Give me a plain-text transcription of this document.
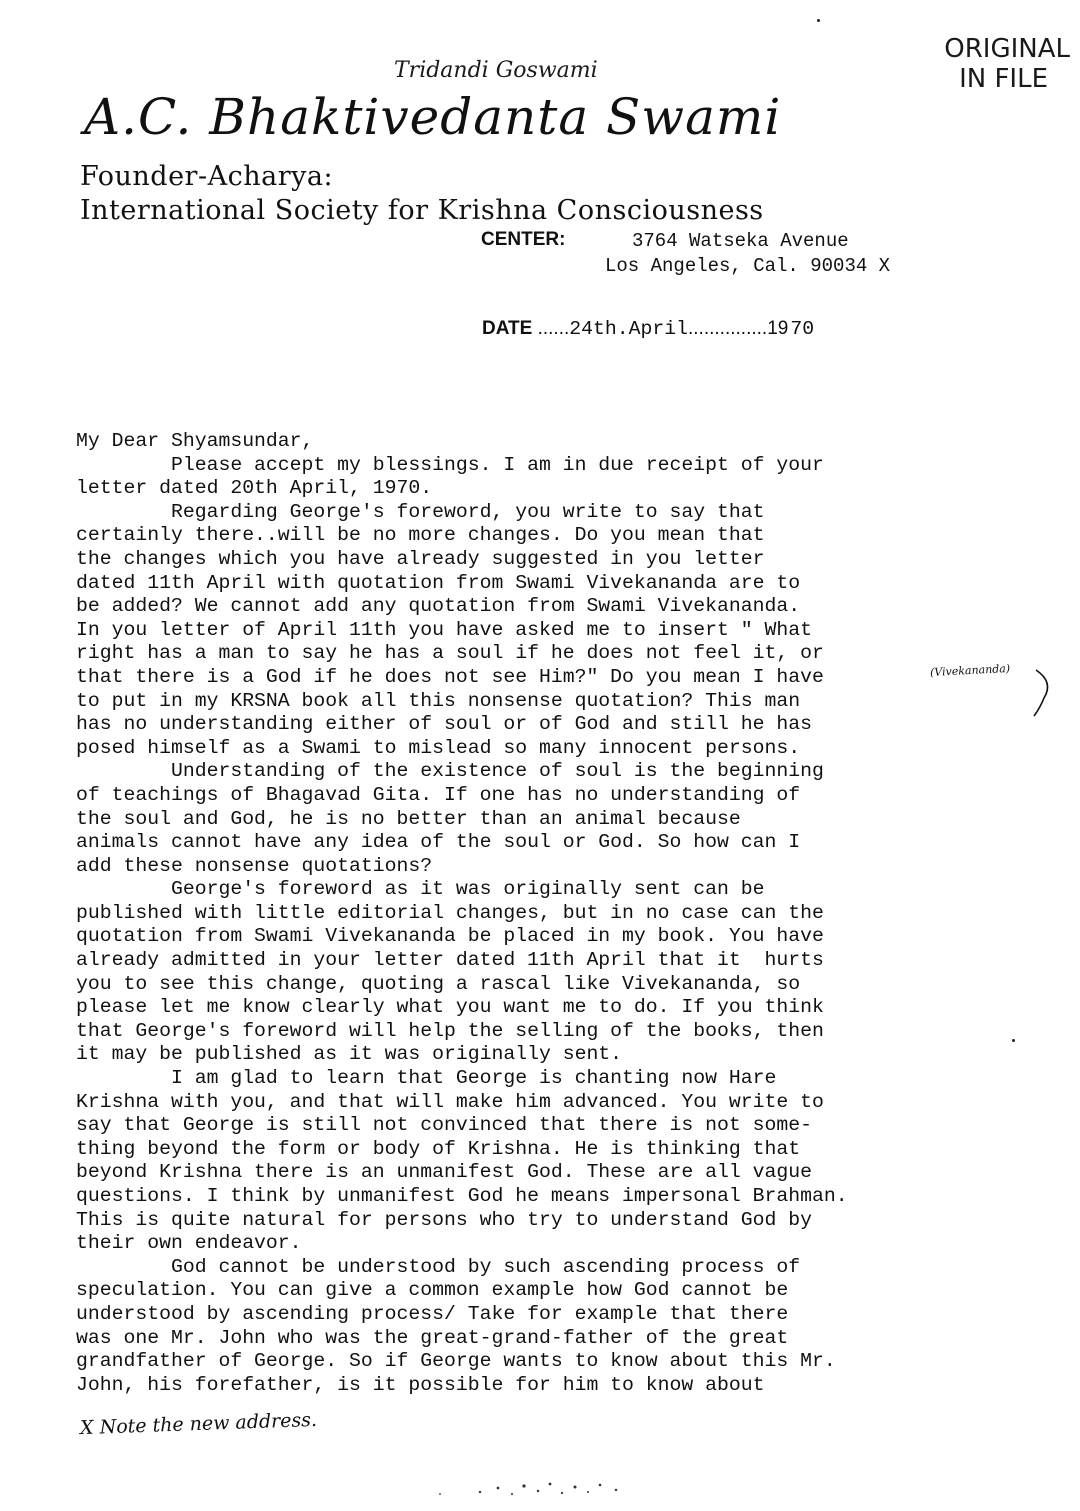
ORIGINAL
IN FILE
Tridandi Goswami
A.C. Bhaktivedanta Swami
Founder-Acharya:
International Society for Krishna Consciousness
CENTER:	3764 Watseka Avenue
Los Angeles, Cal. 90034 X
DATE ......24th.April...............19 70
My Dear Shyamsundar,
Please accept my blessings. I am in due receipt of your
letter dated 20th April, 1970.
Regarding George's foreword, you write to say that
certainly there..will be no more changes. Do you mean that
the changes which you have already suggested in you letter
dated 11th April with quotation from Swami Vivekananda are to
be added? We cannot add any quotation from Swami Vivekananda.
In you letter of April 11th you have asked me to insert " What
right has a man to say he has a soul if he does not feel it, or
that there is a God if he does not see Him?" Do you mean I have
to put in my KRSNA book all this nonsense quotation? This man
has no understanding either of soul or of God and still he has
posed himself as a Swami to mislead so many innocent persons.
Understanding of the existence of soul is the beginning
of teachings of Bhagavad Gita. If one has no understanding of
the soul and God, he is no better than an animal because
animals cannot have any idea of the soul or God. So how can I
add these nonsense quotations?
George's foreword as it was originally sent can be
published with little editorial changes, but in no case can the
quotation from Swami Vivekananda be placed in my book. You have
already admitted in your letter dated 11th April that it  hurts
you to see this change, quoting a rascal like Vivekananda, so
please let me know clearly what you want me to do. If you think
that George's foreword will help the selling of the books, then
it may be published as it was originally sent.
I am glad to learn that George is chanting now Hare
Krishna with you, and that will make him advanced. You write to
say that George is still not convinced that there is not some-
thing beyond the form or body of Krishna. He is thinking that
beyond Krishna there is an unmanifest God. These are all vague
questions. I think by unmanifest God he means impersonal Brahman.
This is quite natural for persons who try to understand God by
their own endeavor.
God cannot be understood by such ascending process of
speculation. You can give a common example how God cannot be
understood by ascending process/ Take for example that there
was one Mr. John who was the great-grand-father of the great
grandfather of George. So if George wants to know about this Mr.
John, his forefather, is it possible for him to know about
(Vivekananda)
X Note the new address.
